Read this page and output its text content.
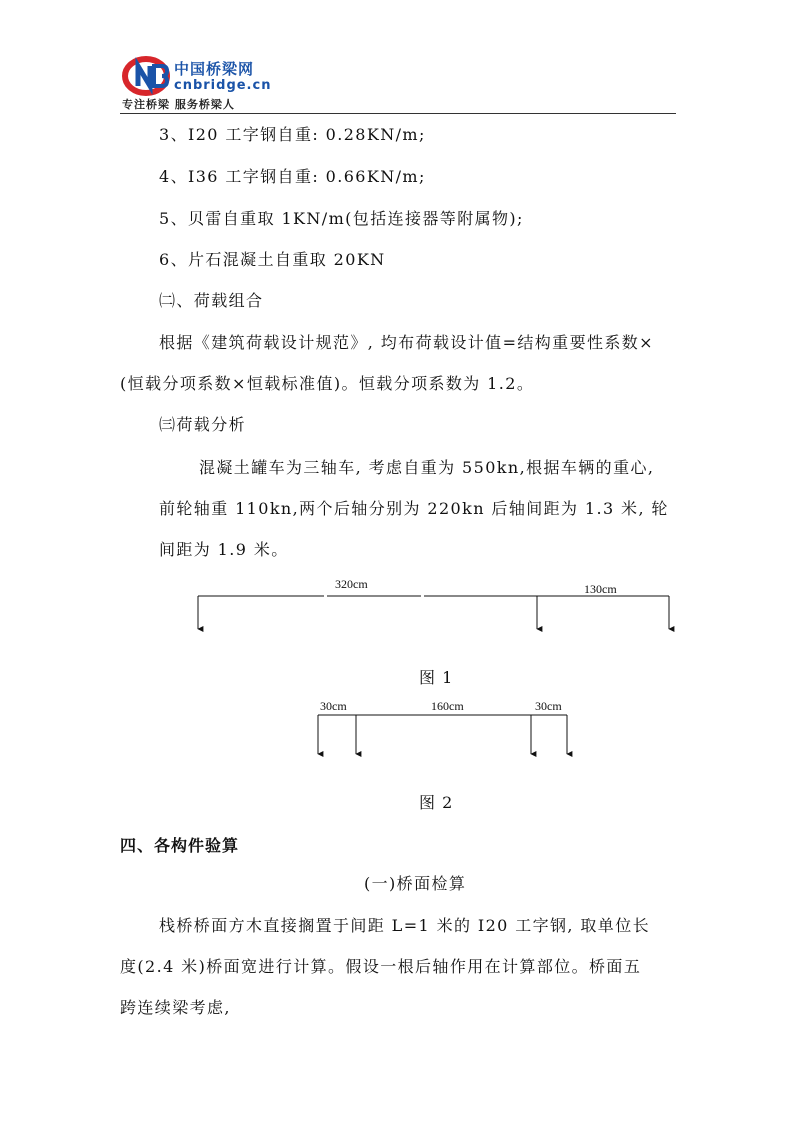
中国桥梁网
cnbridge.cn
专注桥梁 服务桥梁人
3、I20 工字钢自重: 0.28KN/m;
4、I36 工字钢自重: 0.66KN/m;
5、贝雷自重取 1KN/m(包括连接器等附属物);
6、片石混凝土自重取 20KN
㈡、荷载组合
根据《建筑荷载设计规范》, 均布荷载设计值=结构重要性系数×
(恒载分项系数×恒载标准值)。恒载分项系数为 1.2。
㈢荷载分析
混凝土罐车为三轴车, 考虑自重为 550kn,根据车辆的重心,
前轮轴重 110kn,两个后轴分别为 220kn 后轴间距为 1.3 米, 轮
间距为 1.9 米。
320cm	130cm
30cm	160cm	30cm
图 1
图 2
四、各构件验算
(一)桥面检算
栈桥桥面方木直接搁置于间距 L=1 米的 I20 工字钢, 取单位长
度(2.4 米)桥面宽进行计算。假设一根后轴作用在计算部位。桥面五
跨连续梁考虑,
